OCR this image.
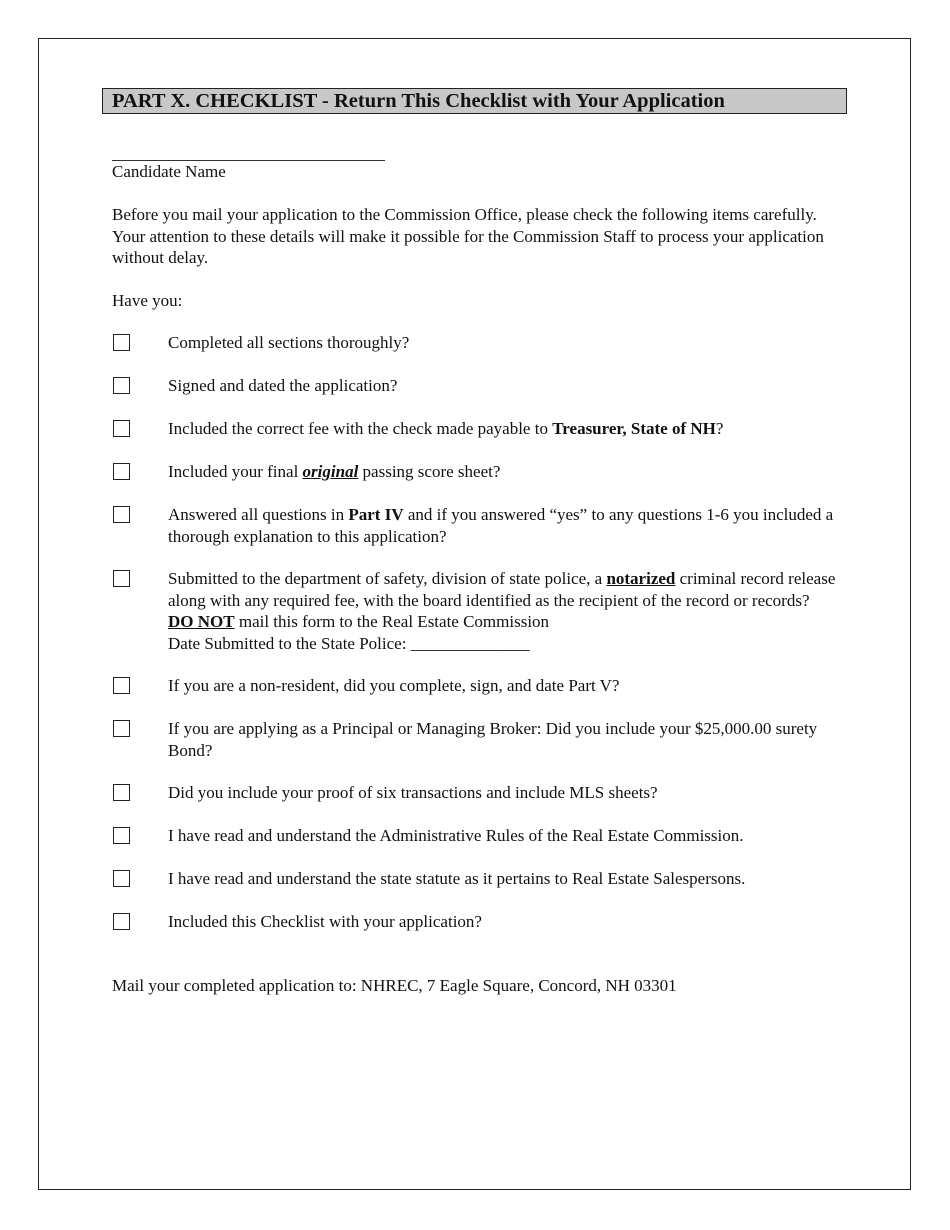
PART X. CHECKLIST - Return This Checklist with Your Application
Candidate Name
Before you mail your application to the Commission Office, please check the following items carefully. Your attention to these details will make it possible for the Commission Staff to process your application without delay.
Have you:
Completed all sections thoroughly?
Signed and dated the application?
Included the correct fee with the check made payable to Treasurer, State of NH?
Included your final original passing score sheet?
Answered all questions in Part IV and if you answered “yes” to any questions 1-6 you included a thorough explanation to this application?
Submitted to the department of safety, division of state police, a notarized criminal record release along with any required fee, with the board identified as the recipient of the record or records? DO NOT mail this form to the Real Estate Commission
Date Submitted to the State Police: ______________
If you are a non-resident, did you complete, sign, and date Part V?
If you are applying as a Principal or Managing Broker: Did you include your $25,000.00 surety Bond?
Did you include your proof of six transactions and include MLS sheets?
I have read and understand the Administrative Rules of the Real Estate Commission.
I have read and understand the state statute as it pertains to Real Estate Salespersons.
Included this Checklist with your application?
Mail your completed application to: NHREC, 7 Eagle Square, Concord, NH 03301
